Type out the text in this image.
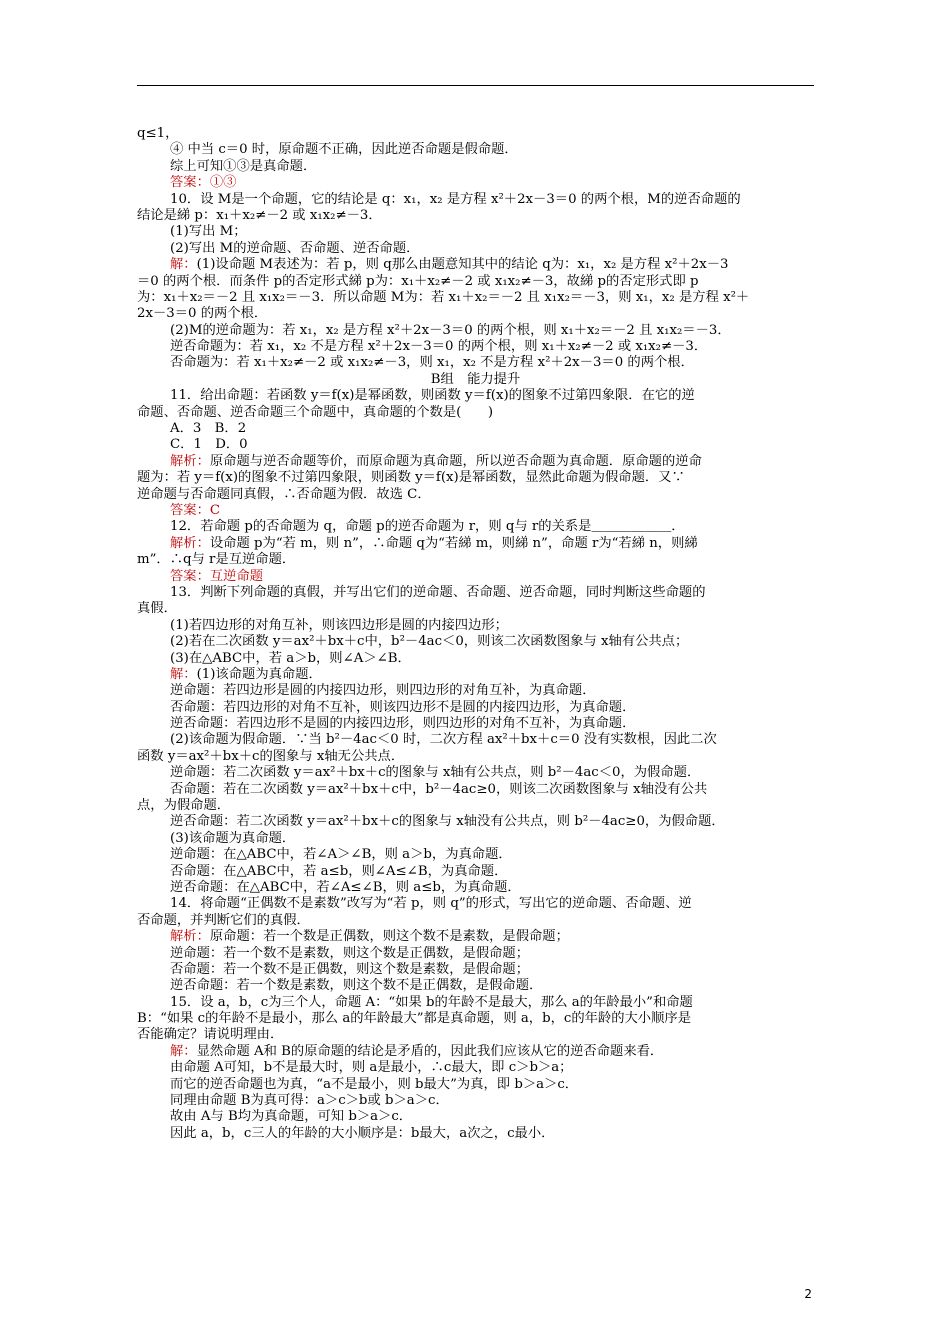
q≤1，
④ 中当 c＝0 时，原命题不正确，因此逆否命题是假命题．
综上可知①③是真命题．
答案：①③
10．设 M是一个命题，它的结论是 q：x₁，x₂ 是方程 x²＋2x－3＝0 的两个根，M的逆否命题的
结论是綈 p：x₁＋x₂≠－2 或 x₁x₂≠－3．
(1)写出 M；
(2)写出 M的逆命题、否命题、逆否命题．
解：(1)设命题 M表述为：若 p，则 q那么由题意知其中的结论 q为：x₁，x₂ 是方程 x²＋2x－3
＝0 的两个根．而条件 p的否定形式綈 p为：x₁＋x₂≠－2 或 x₁x₂≠－3，故綈 p的否定形式即 p
为：x₁＋x₂＝－2 且 x₁x₂＝－3．所以命题 M为：若 x₁＋x₂＝－2 且 x₁x₂＝－3，则 x₁，x₂ 是方程 x²＋
2x－3＝0 的两个根．
(2)M的逆命题为：若 x₁，x₂ 是方程 x²＋2x－3＝0 的两个根，则 x₁＋x₂＝－2 且 x₁x₂＝－3．
逆否命题为：若 x₁，x₂ 不是方程 x²＋2x－3＝0 的两个根，则 x₁＋x₂≠－2 或 x₁x₂≠－3．
否命题为：若 x₁＋x₂≠－2 或 x₁x₂≠－3，则 x₁，x₂ 不是方程 x²＋2x－3＝0 的两个根．
B组　能力提升
11．给出命题：若函数 y＝f(x)是幂函数，则函数 y＝f(x)的图象不过第四象限．在它的逆
命题、否命题、逆否命题三个命题中，真命题的个数是(　　)
A．3　B．2
C．1　D．0
解析：原命题与逆否命题等价，而原命题为真命题，所以逆否命题为真命题．原命题的逆命
题为：若 y＝f(x)的图象不过第四象限，则函数 y＝f(x)是幂函数，显然此命题为假命题．又∵
逆命题与否命题同真假，∴否命题为假．故选 C．
答案：C
12．若命题 p的否命题为 q，命题 p的逆否命题为 r，则 q与 r的关系是＿＿＿＿＿＿．
解析：设命题 p为“若 m，则 n”，∴命题 q为“若綈 m，则綈 n”，命题 r为“若綈 n，则綈
m”．∴q与 r是互逆命题．
答案：互逆命题
13．判断下列命题的真假，并写出它们的逆命题、否命题、逆否命题，同时判断这些命题的
真假．
(1)若四边形的对角互补，则该四边形是圆的内接四边形；
(2)若在二次函数 y＝ax²＋bx＋c中，b²－4ac＜0，则该二次函数图象与 x轴有公共点；
(3)在△ABC中，若 a＞b，则∠A＞∠B．
解：(1)该命题为真命题．
逆命题：若四边形是圆的内接四边形，则四边形的对角互补，为真命题．
否命题：若四边形的对角不互补，则该四边形不是圆的内接四边形，为真命题．
逆否命题：若四边形不是圆的内接四边形，则四边形的对角不互补，为真命题．
(2)该命题为假命题．∵当 b²－4ac＜0 时，二次方程 ax²＋bx＋c＝0 没有实数根，因此二次
函数 y＝ax²＋bx＋c的图象与 x轴无公共点．
逆命题：若二次函数 y＝ax²＋bx＋c的图象与 x轴有公共点，则 b²－4ac＜0，为假命题．
否命题：若在二次函数 y＝ax²＋bx＋c中，b²－4ac≥0，则该二次函数图象与 x轴没有公共
点，为假命题．
逆否命题：若二次函数 y＝ax²＋bx＋c的图象与 x轴没有公共点，则 b²－4ac≥0，为假命题．
(3)该命题为真命题．
逆命题：在△ABC中，若∠A＞∠B，则 a＞b，为真命题．
否命题：在△ABC中，若 a≤b，则∠A≤∠B，为真命题．
逆否命题：在△ABC中，若∠A≤∠B，则 a≤b，为真命题．
14．将命题“正偶数不是素数”改写为“若 p，则 q”的形式，写出它的逆命题、否命题、逆
否命题，并判断它们的真假．
解析：原命题：若一个数是正偶数，则这个数不是素数，是假命题；
逆命题：若一个数不是素数，则这个数是正偶数，是假命题；
否命题：若一个数不是正偶数，则这个数是素数，是假命题；
逆否命题：若一个数是素数，则这个数不是正偶数，是假命题．
15．设 a，b，c为三个人，命题 A：“如果 b的年龄不是最大，那么 a的年龄最小”和命题
B：“如果 c的年龄不是最小，那么 a的年龄最大”都是真命题，则 a，b，c的年龄的大小顺序是
否能确定？请说明理由．
解：显然命题 A和 B的原命题的结论是矛盾的，因此我们应该从它的逆否命题来看．
由命题 A可知，b不是最大时，则 a是最小，∴c最大，即 c＞b＞a；
而它的逆否命题也为真，“a不是最小，则 b最大”为真，即 b＞a＞c．
同理由命题 B为真可得：a＞c＞b或 b＞a＞c．
故由 A与 B均为真命题，可知 b＞a＞c．
因此 a，b，c三人的年龄的大小顺序是：b最大，a次之，c最小．
2
